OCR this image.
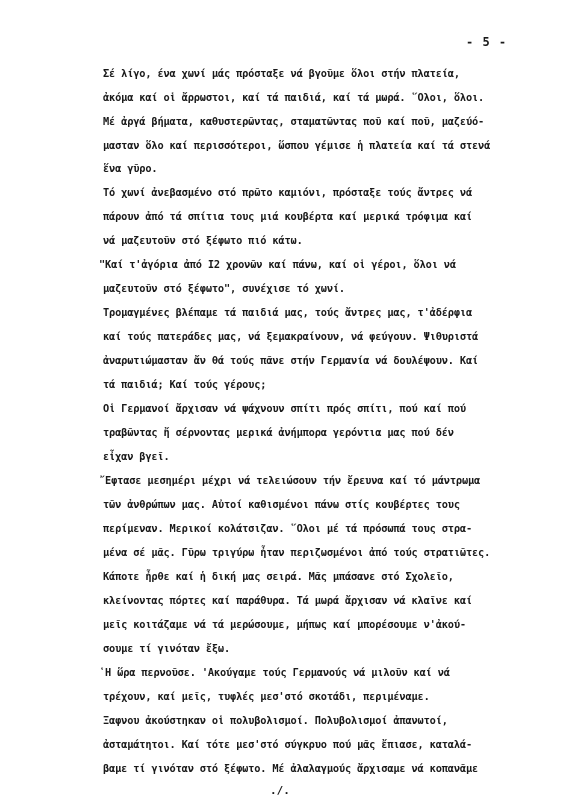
- 5 -
Σέ λίγο, ένα χωνί μάς πρόσταξε νά βγοῦμε ὅλοι στήν πλατεία,
ἀκόμα καί οἱ ἄρρωστοι, καί τά παιδιά, καί τά μωρά. ῞Ολοι, ὅλοι.
Μέ ἀργά βήματα, καθυστερῶντας, σταματῶντας ποῦ καί ποῦ, μαζεύό-
μασταν ὅλο καί περισσότεροι, ὥσπου γέμισε ἡ πλατεία καί τά στενά
ἕνα γῦρο.
Τό χωνί ἀνεβασμένο στό πρῶτο καμιόνι, πρόσταξε τούς ἄντρες νά
πάρουν ἀπό τά σπίτια τους μιά κουβέρτα καί μερικά τρόφιμα καί
νά μαζευτοῦν στό ξέφωτο πιό κάτω.
"Καί τ'ἀγόρια ἀπό Ι2 χρονῶν καί πάνω, καί οἱ γέροι, ὅλοι νά
μαζευτοῦν στό ξέφωτο", συνέχισε τό χωνί.
Τρομαγμένες βλέπαμε τά παιδιά μας, τούς ἄντρες μας, τ'ἀδέρφια
καί τούς πατεράδες μας, νά ξεμακραίνουν, νά φεύγουν. Ψιθυριστά
ἀναρωτιώμασταν ἄν θά τούς πᾶνε στήν Γερμανία νά δουλέψουν. Καί
τά παιδιά; Καί τούς γέρους;
Οἱ Γερμανοί ἄρχισαν νά ψάχνουν σπίτι πρός σπίτι, πού καί πού
τραβῶντας ἤ σέρνοντας μερικά ἀνήμπορα γερόντια μας πού δέν
εἶχαν βγεῖ.
῎Εφτασε μεσημέρι μέχρι νά τελειώσουν τήν ἔρευνα καί τό μάντρωμα
τῶν ἀνθρώπων μας. Αὐτοί καθισμένοι πάνω στίς κουβέρτες τους
περίμεναν. Μερικοί κολάτσιζαν. ῞Ολοι μέ τά πρόσωπά τους στρα-
μένα σέ μᾶς. Γῦρω τριγύρω ἦταν περιζωσμένοι ἀπό τούς στρατιῶτες.
Κάποτε ἦρθε καί ἡ δική μας σειρά. Μᾶς μπάσανε στό Σχολεῖο,
κλείνοντας πόρτες καί παράθυρα. Τά μωρά ἄρχισαν νά κλαῖνε καί
μεῖς κοιτάζαμε νά τά μερώσουμε, μήπως καί μπορέσουμε ν'ἀκού-
σουμε τί γινόταν ἔξω.
῾Η ὥρα περνοῦσε. 'Ακούγαμε τούς Γερμανούς νά μιλοῦν καί νά
τρέχουν, καί μεῖς, τυφλές μεσ'στό σκοτάδι, περιμέναμε.
Ξαφνου ἀκούστηκαν οἱ πολυβολισμοί. Πολυβολισμοί ἀπανωτοί,
ἀσταμάτητοι. Καί τότε μεσ'στό σύγκρυο πού μᾶς ἔπιασε, καταλά-
βαμε τί γινόταν στό ξέφωτο. Μέ ἀλαλαγμούς ἄρχισαμε νά κοπανᾶμε
./.
